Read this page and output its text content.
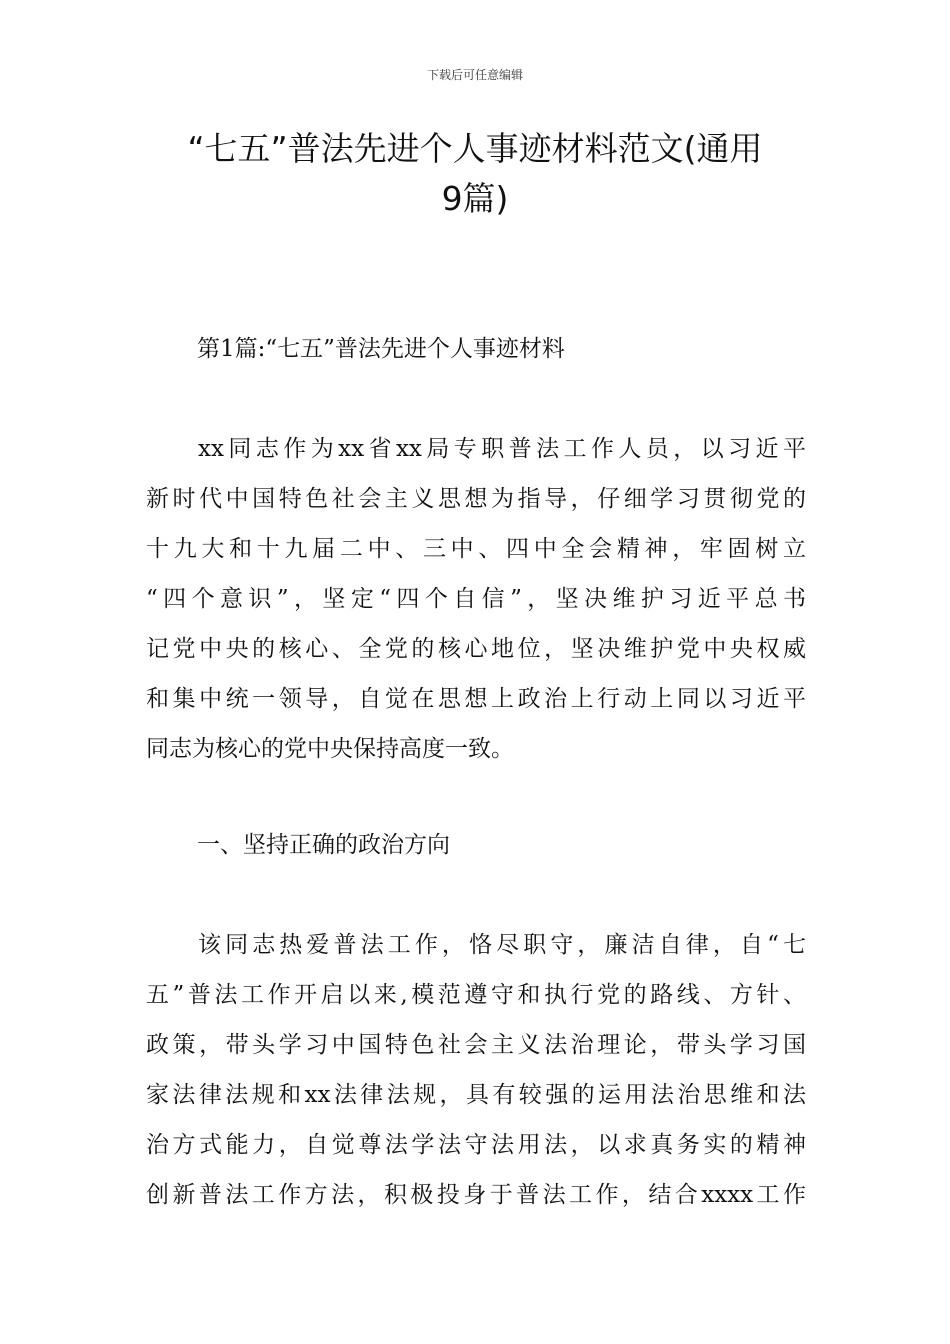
下载后可任意编辑
“七五”普法先进个人事迹材料范文(通用
9篇)
第1篇:“七五”普法先进个人事迹材料
xx同志作为xx省xx局专职普法工作人员，以习近平
新时代中国特色社会主义思想为指导，仔细学习贯彻党的
十九大和十九届二中、三中、四中全会精神，牢固树立
“四个意识”，坚定“四个自信”，坚决维护习近平总书
记党中央的核心、全党的核心地位，坚决维护党中央权威
和集中统一领导，自觉在思想上政治上行动上同以习近平
同志为核心的党中央保持高度一致。
一、坚持正确的政治方向
该同志热爱普法工作，恪尽职守，廉洁自律，自“七
五”普法工作开启以来,模范遵守和执行党的路线、方针、
政策，带头学习中国特色社会主义法治理论，带头学习国
家法律法规和xx法律法规，具有较强的运用法治思维和法
治方式能力，自觉尊法学法守法用法，以求真务实的精神
创新普法工作方法，积极投身于普法工作，结合xxxx工作
